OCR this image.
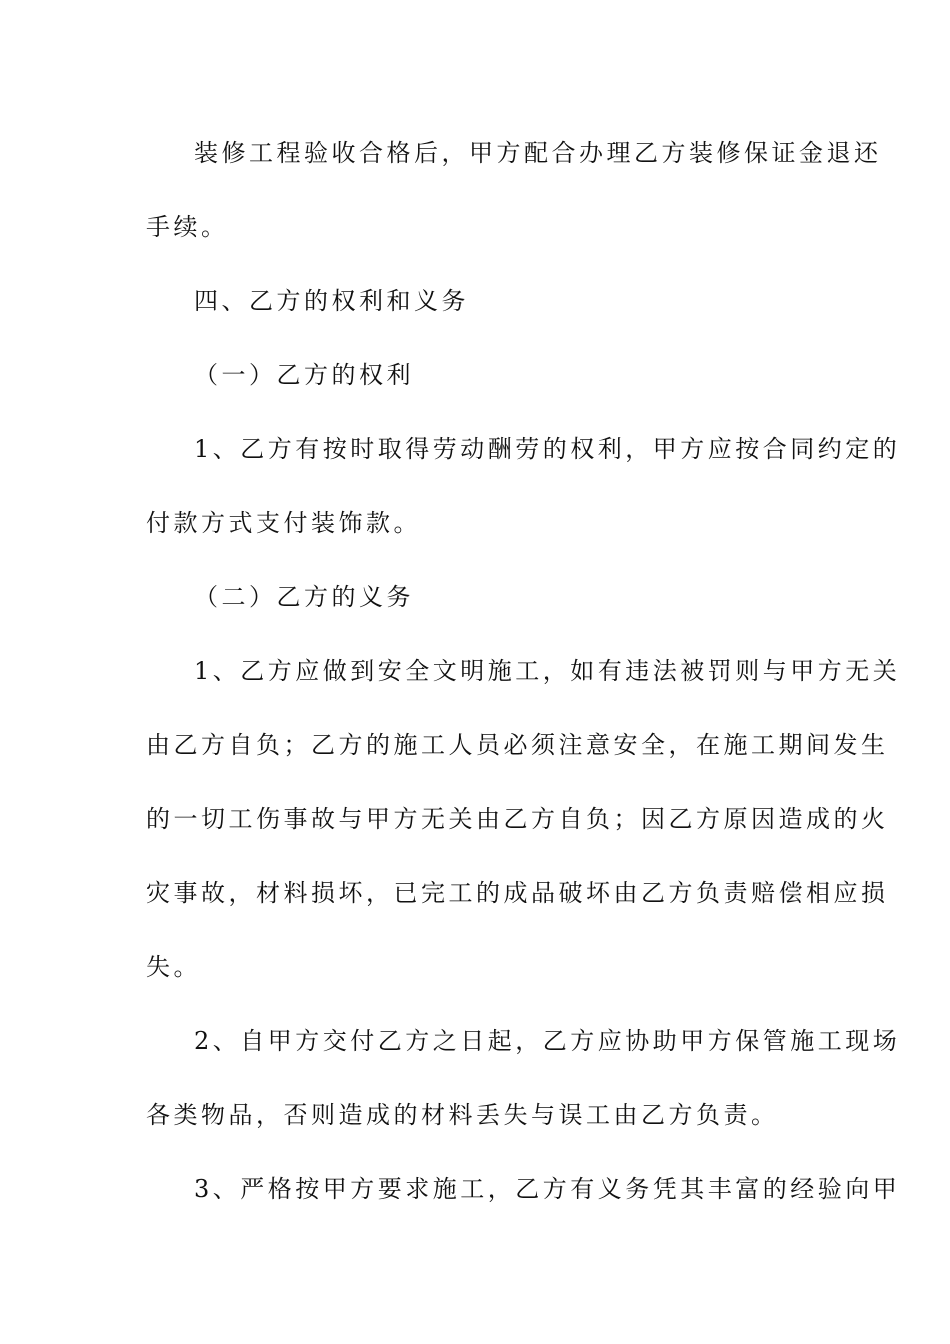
装修工程验收合格后，甲方配合办理乙方装修保证金退还
手续。
四、乙方的权利和义务
（一）乙方的权利
1、乙方有按时取得劳动酬劳的权利，甲方应按合同约定的
付款方式支付装饰款。
（二）乙方的义务
1、乙方应做到安全文明施工，如有违法被罚则与甲方无关
由乙方自负；乙方的施工人员必须注意安全，在施工期间发生
的一切工伤事故与甲方无关由乙方自负；因乙方原因造成的火
灾事故，材料损坏，已完工的成品破坏由乙方负责赔偿相应损
失。
2、自甲方交付乙方之日起，乙方应协助甲方保管施工现场
各类物品，否则造成的材料丢失与误工由乙方负责。
3、严格按甲方要求施工，乙方有义务凭其丰富的经验向甲
